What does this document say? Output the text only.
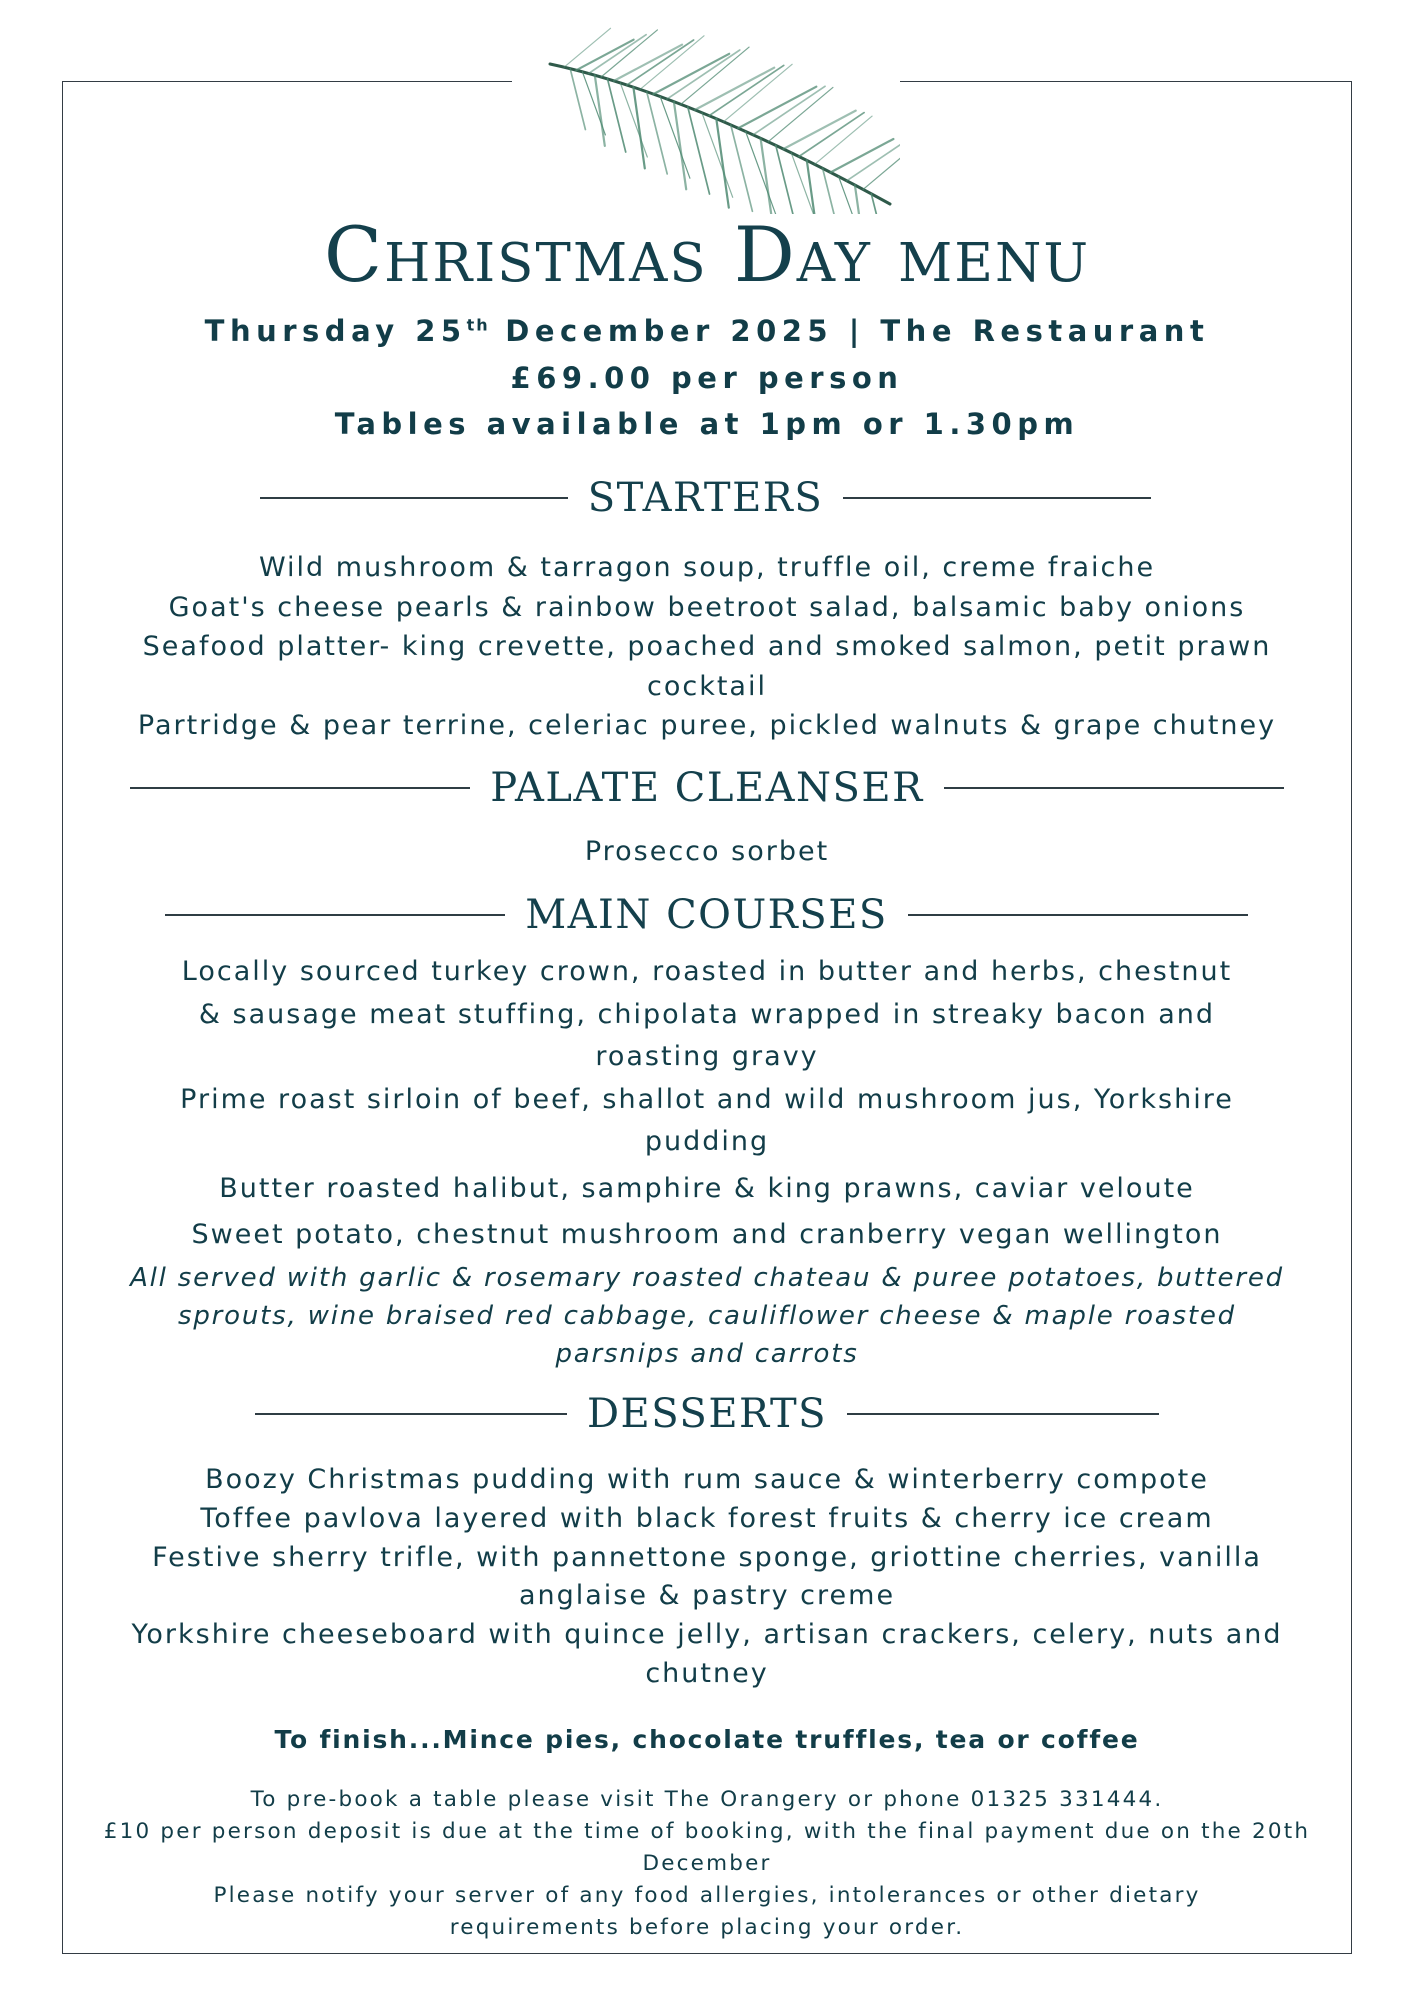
Christmas Day menu

Thursday 25th December 2025 | The Restaurant

£69.00 per person

Tables available at 1pm or 1.30pm

STARTERS
Wild mushroom & tarragon soup, truffle oil, creme fraiche
Goat's cheese pearls & rainbow beetroot salad, balsamic baby onions
Seafood platter- king crevette, poached and smoked salmon, petit prawn cocktail
Partridge & pear terrine, celeriac puree, pickled walnuts & grape chutney
PALATE CLEANSER
Prosecco sorbet
MAIN COURSES
Locally sourced turkey crown, roasted in butter and herbs, chestnut & sausage meat stuffing, chipolata wrapped in streaky bacon and roasting gravy
Prime roast sirloin of beef, shallot and wild mushroom jus, Yorkshire pudding
Butter roasted halibut, samphire & king prawns, caviar veloute
Sweet potato, chestnut mushroom and cranberry vegan wellington

All served with garlic & rosemary roasted chateau & puree potatoes, buttered sprouts, wine braised red cabbage, cauliflower cheese & maple roasted parsnips and carrots

DESSERTS
Boozy Christmas pudding with rum sauce & winterberry compote
Toffee pavlova layered with black forest fruits & cherry ice cream
Festive sherry trifle, with pannettone sponge, griottine cherries, vanilla anglaise & pastry creme
Yorkshire cheeseboard with quince jelly, artisan crackers, celery, nuts and chutney

To finish...Mince pies, chocolate truffles, tea or coffee

To pre-book a table please visit The Orangery or phone 01325 331444.

£10 per person deposit is due at the time of booking, with the final payment due on the 20th December

Please notify your server of any food allergies, intolerances or other dietary requirements before placing your order.
